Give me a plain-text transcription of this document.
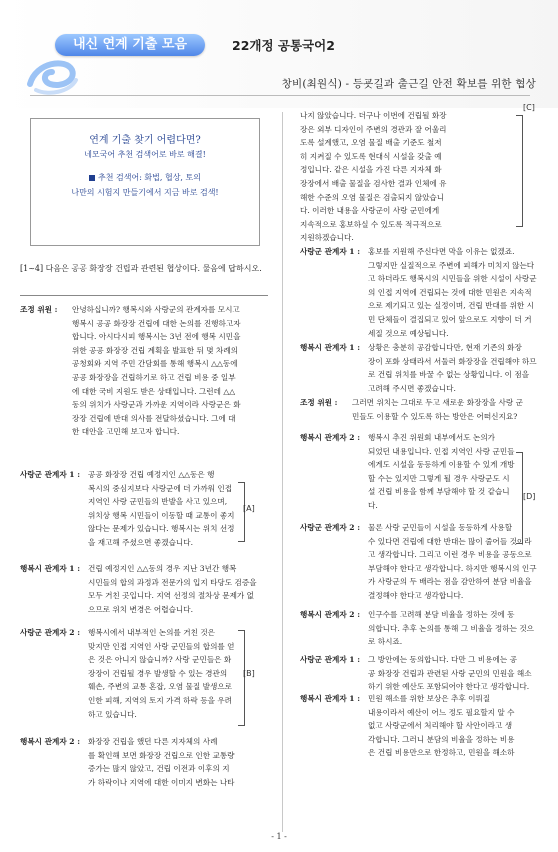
내신 연계 기출 모음	22개정 공통국어2
창비(최원식) - 등굣길과 출근길 안전 확보를 위한 협상
연계 기출 찾기 어렵다면?
네모국어 추천 검색어로 바로 해결!
추천 검색어: 화법, 협상, 토의
나만의 시험지 만들기에서 지금 바로 검색!
[1~4] 다음은 공공 화장장 건립과 관련된 협상이다. 물음에 답하시오.
조정 위원 :	안녕하십니까? 행복시와 사랑군의 관계자를 모시고
행복시 공공 화장장 건립에 대한 논의를 진행하고자
합니다. 아시다시피 행복시는 3년 전에 행복 시민을
위한 공공 화장장 건립 계획을 발표한 뒤 몇 차례의
공청회와 지역 주민 간담회를 통해 행복시 △△동에
공공 화장장을 건립하기로 하고 건립 비용 중 일부
에 대한 국비 지원도 받은 상태입니다. 그런데 △△
동의 위치가 사랑군과 가까운 지역이라 사랑군은 화
장장 건립에 반대 의사를 전달하셨습니다. 그에 대
한 대안을 고민해 보고자 합니다.
사랑군 관계자 1 :	공공 화장장 건립 예정지인 △△동은 행
복시의 중심지보다 사랑군에 더 가까워 인접
지역인 사랑 군민들의 반발을 사고 있으며,
위치상 행복 시민들이 이동할 때 교통이 좋지
않다는 문제가 있습니다. 행복시는 위치 선정
을 재고해 주셨으면 좋겠습니다.
행복시 관계자 1 :	건립 예정지인 △△동의 경우 지난 3년간 행복
시민들의 합의 과정과 전문가의 입지 타당도 검증을
모두 거친 곳입니다. 지역 선정의 절차상 문제가 없
으므로 위치 변경은 어렵습니다.
사랑군 관계자 2 :	행복시에서 내부적인 논의를 거친 것은
맞지만 인접 지역인 사랑 군민들의 합의를 얻
은 것은 아니지 않습니까? 사랑 군민들은 화
장장이 건립될 경우 발생할 수 있는 경관의
훼손, 주변의 교통 혼잡, 오염 물질 발생으로
인한 피해, 지역의 토지 가격 하락 등을 우려
하고 있습니다.
행복시 관계자 2 :	화장장 건립을 했던 다른 지자체의 사례
를 확인해 보면 화장장 건립으로 인한 교통량
증가는 많지 않았고, 건립 이전과 이후의 지
가 하락이나 지역에 대한 이미지 변화는 나타
나지 않았습니다. 더구나 이번에 건립될 화장
장은 외부 디자인이 주변의 경관과 잘 어울리
도록 설계했고, 오염 물질 배출 기준도 철저
히 지켜질 수 있도록 현대식 시설을 갖출 예
정입니다. 같은 시설을 가진 다른 지자체 화
장장에서 배출 물질을 검사한 결과 인체에 유
해한 수준의 오염 물질은 검출되지 않았습니
다. 이러한 내용을 사랑군이 사랑 군민에게
지속적으로 홍보하실 수 있도록 적극적으로
지원하겠습니다.
사랑군 관계자 1 :	홍보를 지원해 주신다면 막을 이유는 없겠죠.
그렇지만 실질적으로 주변에 피해가 미치지 않는다
고 하더라도 행복시의 시민들을 위한 시설이 사랑군
의 인접 지역에 건립되는 것에 대한 민원은 지속적
으로 제기되고 있는 실정이며, 건립 반대를 위한 시
민 단체들이 결집되고 있어 앞으로도 지향이 더 거
세질 것으로 예상됩니다.
행복시 관계자 1 :	상황은 충분히 공감합니다만, 현재 기존의 화장
장이 포화 상태라서 서둘러 화장장을 건립해야 하므
로 건립 위치를 바꿀 수 없는 상황입니다. 이 점을
고려해 주시면 좋겠습니다.
조정 위원 :	그러면 위치는 그대로 두고 새로운 화장장을 사랑 군
민들도 이용할 수 있도록 하는 방안은 어떠신지요?
행복시 관계자 2 :	행복시 추진 위원회 내부에서도 논의가
되었던 내용입니다. 인접 지역인 사랑 군민들
에게도 시설을 동등하게 이용할 수 있게 개방
할 수는 있지만 그렇게 될 경우 사랑군도 시
설 건립 비용을 함께 부담해야 할 것 같습니
다.
사랑군 관계자 2 :	물론 사랑 군민들이 시설을 동등하게 사용할
수 있다면 건립에 대한 반대는 많이 줄어들 것이라
고 생각합니다. 그리고 이런 경우 비용을 공동으로
부담해야 한다고 생각합니다. 하지만 행복시의 인구
가 사랑군의 두 배라는 점을 감안하여 분담 비율을
결정해야 한다고 생각합니다.
행복시 관계자 2 :	인구수를 고려해 분담 비율을 정하는 것에 동
의합니다. 추후 논의를 통해 그 비율을 정하는 것으
로 하시죠.
사랑군 관계자 1 :	그 방안에는 동의합니다. 다만 그 비용에는 공
공 화장장 건립과 관련된 사랑 군민의 민원을 해소
하기 위한 예산도 포함되어야 한다고 생각합니다.
행복시 관계자 1 :	민원 해소를 위한 보상은 추후 이뤄질
내용이라서 예산이 어느 정도 필요할지 알 수
없고 사랑군에서 처리해야 할 사안이라고 생
각합니다. 그러니 분담의 비율을 정하는 비용
은 건립 비용만으로 한정하고, 민원을 해소하
[A]
[B]
[C]
[D]
- 1 -
